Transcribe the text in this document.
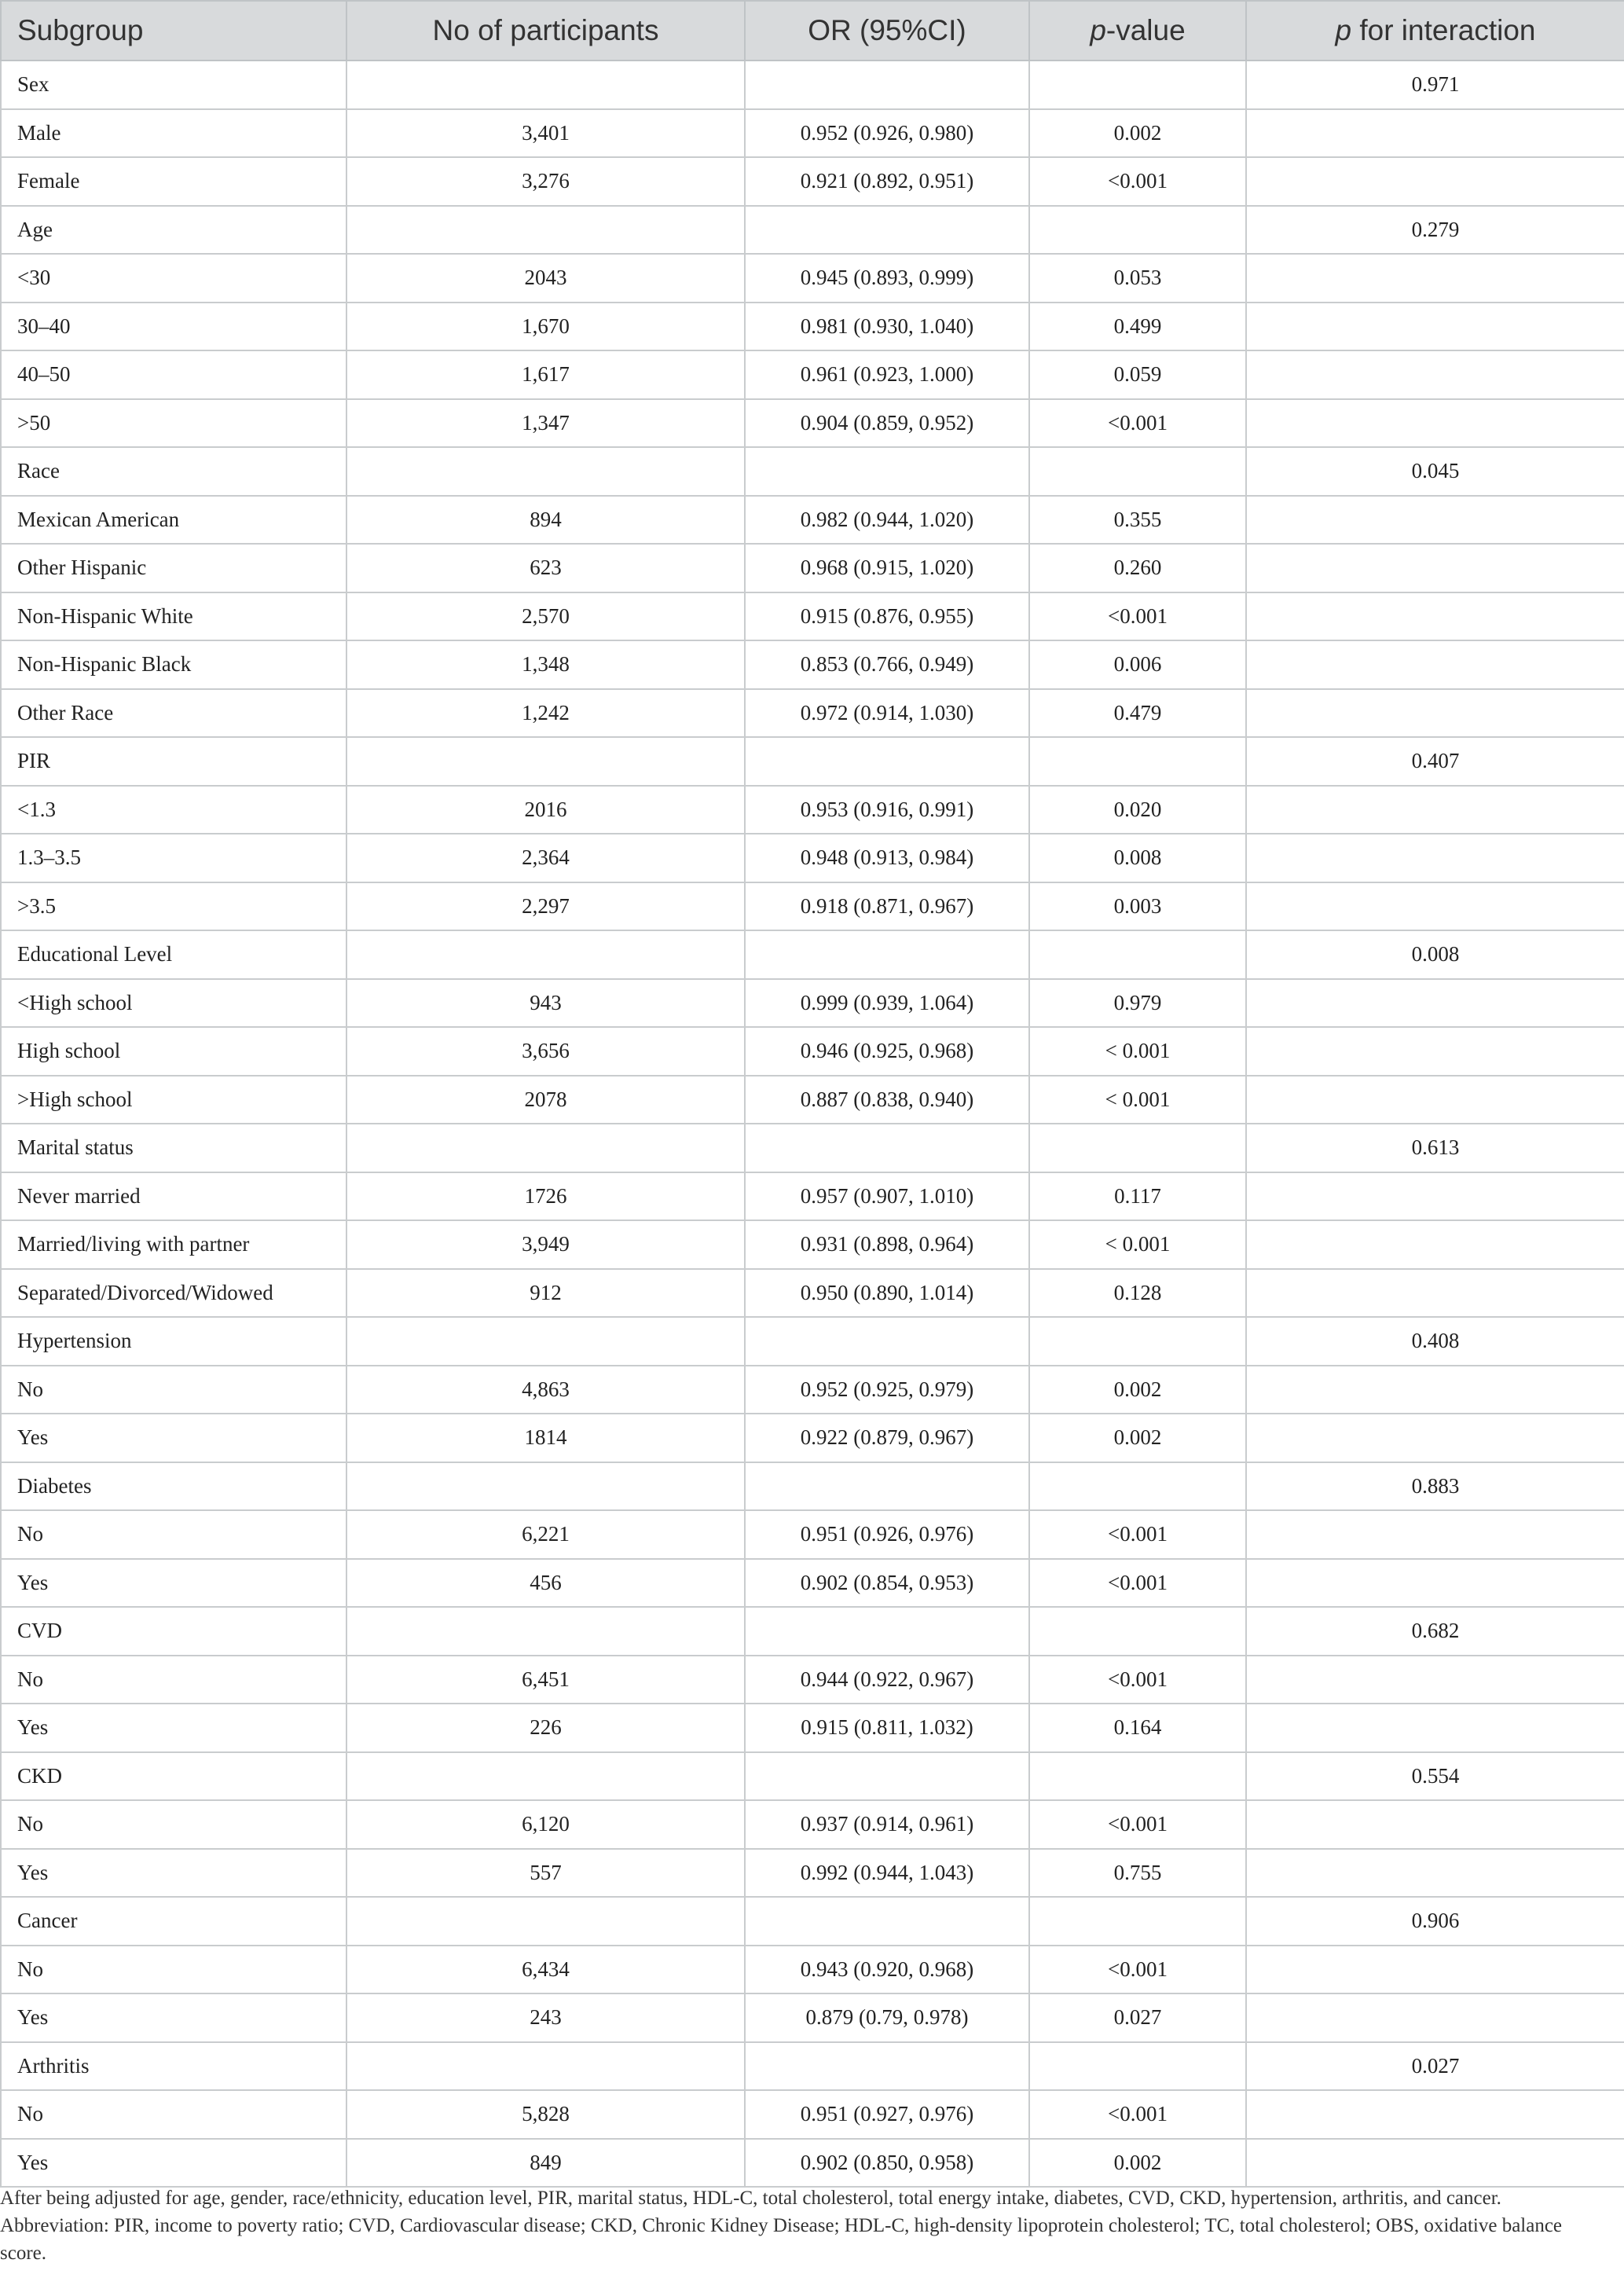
Subgroup	No of participants	OR (95%CI)	p-value	p for interaction
Sex				0.971
Male	3,401	0.952 (0.926, 0.980)	0.002	
Female	3,276	0.921 (0.892, 0.951)	<0.001	
Age				0.279
<30	2043	0.945 (0.893, 0.999)	0.053	
30–40	1,670	0.981 (0.930, 1.040)	0.499	
40–50	1,617	0.961 (0.923, 1.000)	0.059	
>50	1,347	0.904 (0.859, 0.952)	<0.001	
Race				0.045
Mexican American	894	0.982 (0.944, 1.020)	0.355	
Other Hispanic	623	0.968 (0.915, 1.020)	0.260	
Non-Hispanic White	2,570	0.915 (0.876, 0.955)	<0.001	
Non-Hispanic Black	1,348	0.853 (0.766, 0.949)	0.006	
Other Race	1,242	0.972 (0.914, 1.030)	0.479	
PIR				0.407
<1.3	2016	0.953 (0.916, 0.991)	0.020	
1.3–3.5	2,364	0.948 (0.913, 0.984)	0.008	
>3.5	2,297	0.918 (0.871, 0.967)	0.003	
Educational Level				0.008
<High school	943	0.999 (0.939, 1.064)	0.979	
High school	3,656	0.946 (0.925, 0.968)	< 0.001	
>High school	2078	0.887 (0.838, 0.940)	< 0.001	
Marital status				0.613
Never married	1726	0.957 (0.907, 1.010)	0.117	
Married/living with partner	3,949	0.931 (0.898, 0.964)	< 0.001	
Separated/Divorced/Widowed	912	0.950 (0.890, 1.014)	0.128	
Hypertension				0.408
No	4,863	0.952 (0.925, 0.979)	0.002	
Yes	1814	0.922 (0.879, 0.967)	0.002	
Diabetes				0.883
No	6,221	0.951 (0.926, 0.976)	<0.001	
Yes	456	0.902 (0.854, 0.953)	<0.001	
CVD				0.682
No	6,451	0.944 (0.922, 0.967)	<0.001	
Yes	226	0.915 (0.811, 1.032)	0.164	
CKD				0.554
No	6,120	0.937 (0.914, 0.961)	<0.001	
Yes	557	0.992 (0.944, 1.043)	0.755	
Cancer				0.906
No	6,434	0.943 (0.920, 0.968)	<0.001	
Yes	243	0.879 (0.79, 0.978)	0.027	
Arthritis				0.027
No	5,828	0.951 (0.927, 0.976)	<0.001	
Yes	849	0.902 (0.850, 0.958)	0.002	

After being adjusted for age, gender, race/ethnicity, education level, PIR, marital status, HDL-C, total cholesterol, total energy intake, diabetes, CVD, CKD, hypertension, arthritis, and cancer.

Abbreviation: PIR, income to poverty ratio; CVD, Cardiovascular disease; CKD, Chronic Kidney Disease; HDL-C, high-density lipoprotein cholesterol; TC, total cholesterol; OBS, oxidative balance score.
